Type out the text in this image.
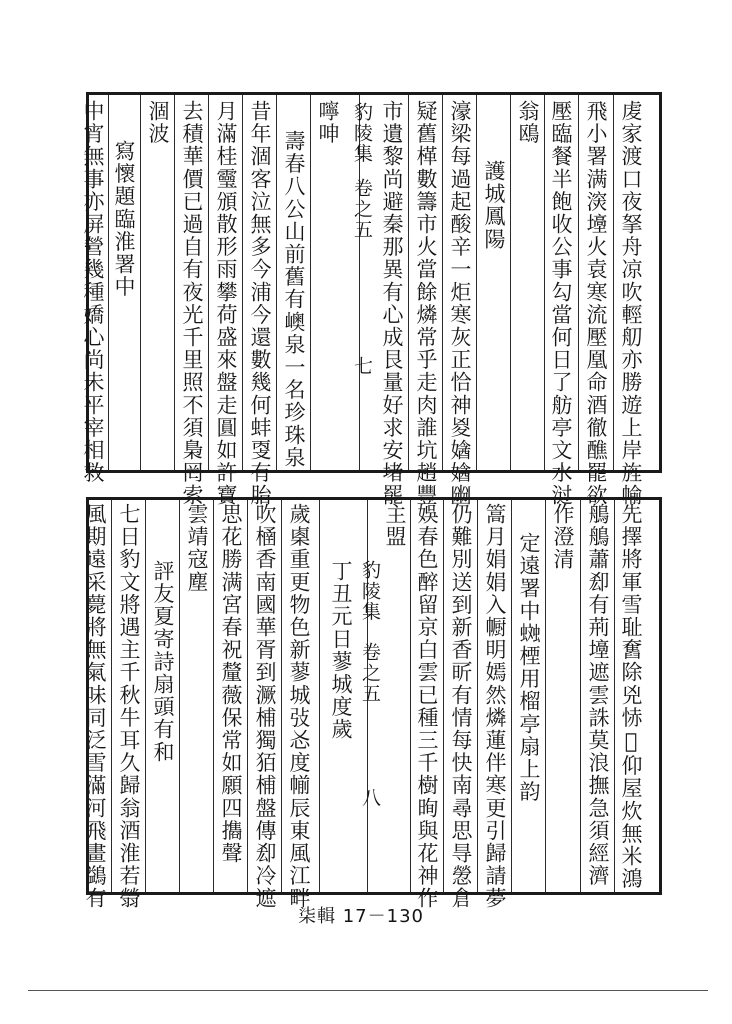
䖍家渡口夜拏舟凉吹輕舠亦勝遊上岸旌㡏
飛小署满㴱㙵火袁寒流壓凰命酒徹醮罷欲
壓臨餐半飽收公事勾當何日了舫亭文水㳡
翁鴎
護城鳳陽
濠梁每過起酸辛一炬寒灰正恰神㚇㜝㜝㟗
疑舊㮖數籌市火當餘燐常乎走肉誰坑趙豐
市遺黎尚避秦那異有心成艮量好求安堵罷
嚀呻
壽春八公山前舊有㠗泉一名珍珠泉
昔年涸客泣無多今浦今還數幾何蚌㪅有胎
月滿桂𩆜頒散形雨攀荷盛來盤走圓如許寶
去積華價已過自有夜光千里照不須梟罔索
涸波
寫懷題臨淮署中
中宵無事亦屏營幾種嬌心尚未平宰相救
先擇將軍雪耻𡚒除兇㤸𡁾仰屋炊無米鴻
鵃鵃蕭㕁有荊㙵遮雲誅莫浪撫急須經濟
作澄清
定遠署中𧏎㮒用榴亭扇上韵
篙月娟娟入㡡明嫣然燐蓮伴寒更引歸請夢
仍難別送到新香㪽有情每快南尋思㝵憥倉
娛春色醉留京白雲已種三千樹㫬與花神作
主盟
丁丑元日蓼城度歲
歲㮚重更物色新蓼城㢭㣻度㡐辰東風江畔
吹㮭香南國華胥到㵐㭪獨㹮㭪盤傳㕁冷遮
思花勝满宮春祝釐薇保常如願四㩦聲
雲靖寇塵
評友夏寄詩扇頭有和
七日豹文將遇主千秋牛耳久歸翁酒淮若䎕
風期遠采薨將無氣味同泛雪滿河飛畫鷁有
豹陵集
卷之五
七
豹陵集
卷之五
八
柒輯 17－130
